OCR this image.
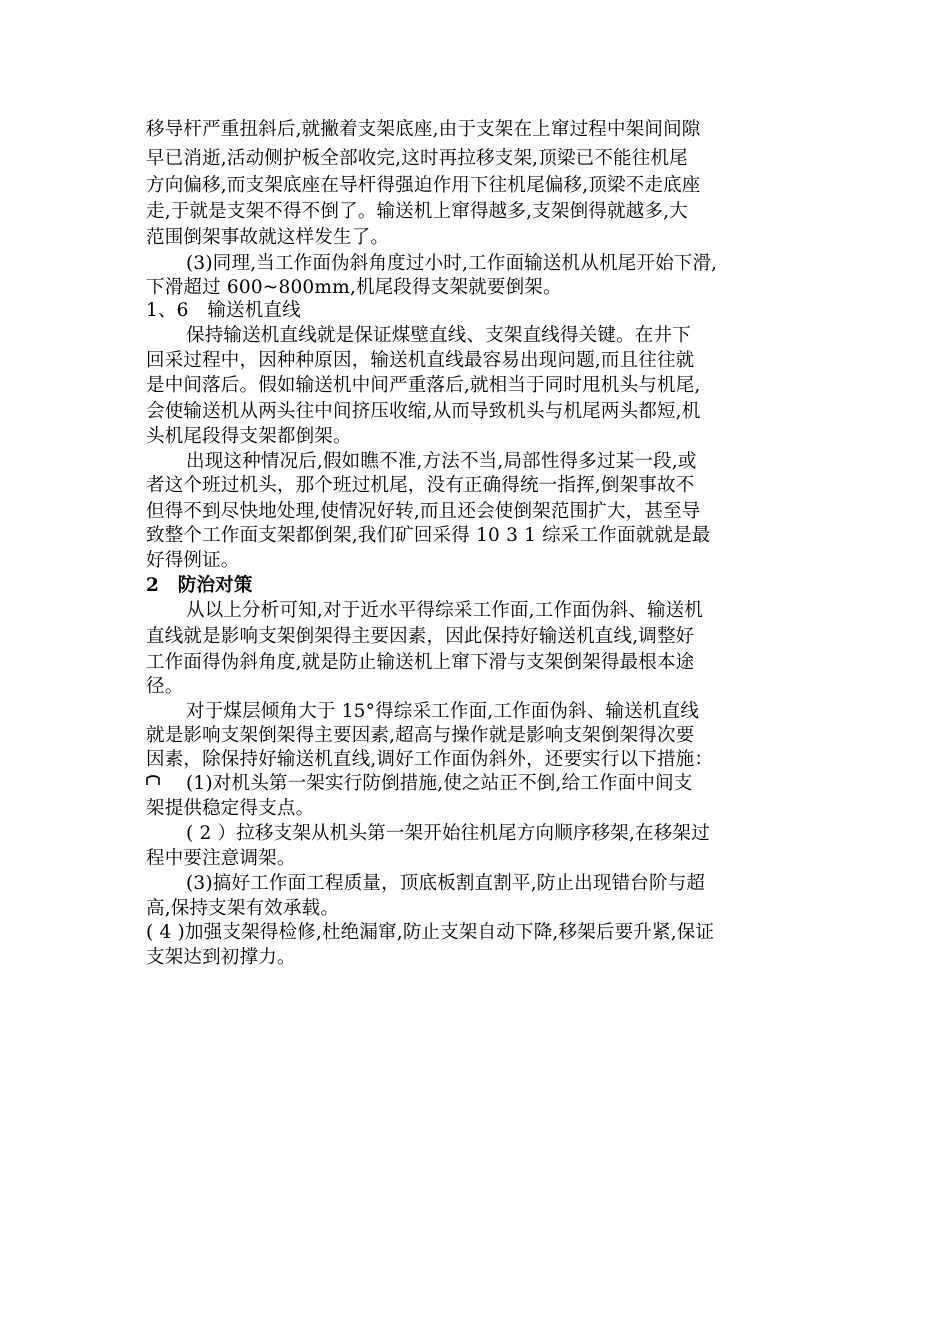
移导杆严重扭斜后,就撇着支架底座,由于支架在上窜过程中架间间隙
早已消逝,活动侧护板全部收完,这时再拉移支架,顶梁已不能往机尾
方向偏移,而支架底座在导杆得强迫作用下往机尾偏移,顶梁不走底座
走,于就是支架不得不倒了。输送机上窜得越多,支架倒得就越多,大
范围倒架事故就这样发生了。
(3)同理,当工作面伪斜角度过小时,工作面输送机从机尾开始下滑,
下滑超过 600~800mm,机尾段得支架就要倒架。
1、6　输送机直线
保持输送机直线就是保证煤壁直线、支架直线得关键。在井下
回采过程中，因种种原因，输送机直线最容易出现问题,而且往往就
是中间落后。假如输送机中间严重落后,就相当于同时甩机头与机尾,
会使输送机从两头往中间挤压收缩,从而导致机头与机尾两头都短,机
头机尾段得支架都倒架。
出现这种情况后,假如瞧不准,方法不当,局部性得多过某一段,或
者这个班过机头，那个班过机尾，没有正确得统一指挥,倒架事故不
但得不到尽快地处理,使情况好转,而且还会使倒架范围扩大，甚至导
致整个工作面支架都倒架,我们矿回采得 10 3 1 综采工作面就就是最
好得例证。
2　防治对策
从以上分析可知,对于近水平得综采工作面,工作面伪斜、输送机
直线就是影响支架倒架得主要因素，因此保持好输送机直线,调整好
工作面得伪斜角度,就是防止输送机上窜下滑与支架倒架得最根本途
径。
对于煤层倾角大于 15°得综采工作面,工作面伪斜、输送机直线
就是影响支架倒架得主要因素,超高与操作就是影响支架倒架得次要
因素，除保持好输送机直线,调好工作面伪斜外，还要实行以下措施：
(1)对机头第一架实行防倒措施,使之站正不倒,给工作面中间支
架提供稳定得支点。
( 2 ）拉移支架从机头第一架开始往机尾方向顺序移架,在移架过
程中要注意调架。
(3)搞好工作面工程质量，顶底板割直割平,防止出现错台阶与超
高,保持支架有效承载。
( 4 )加强支架得检修,杜绝漏窜,防止支架自动下降,移架后要升紧,保证
支架达到初撑力。
